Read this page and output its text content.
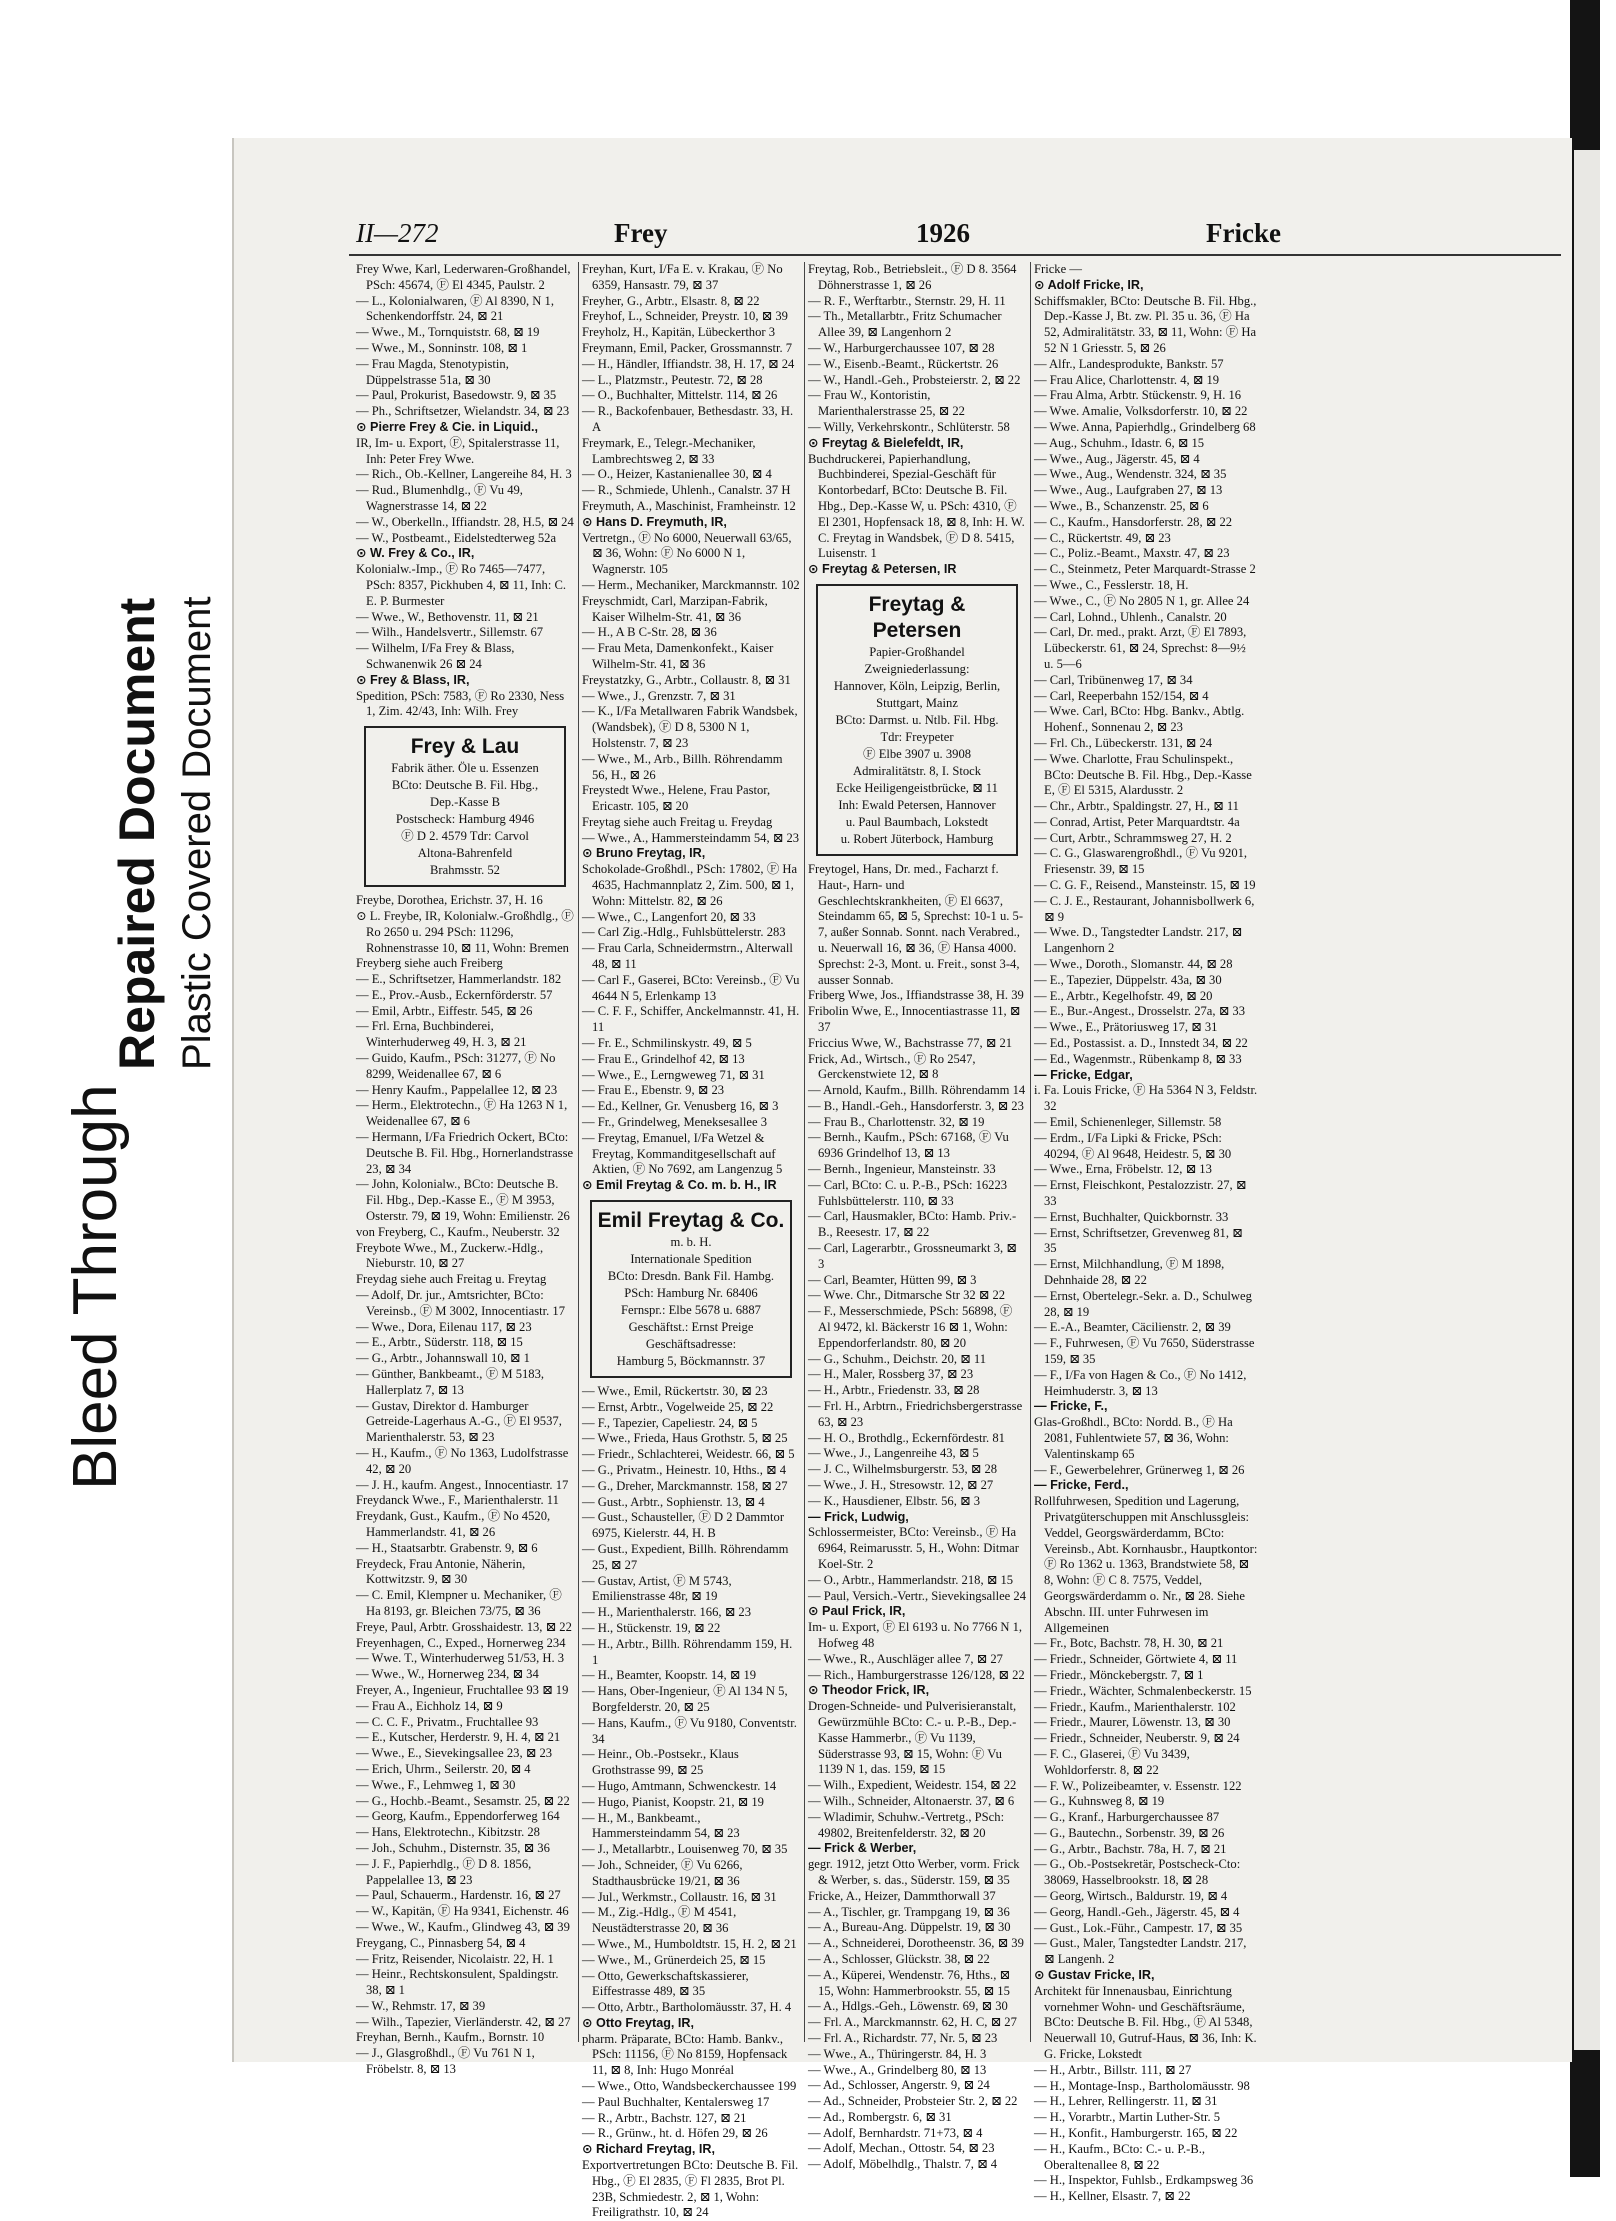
Bleed Through
Repaired Document Plastic Covered Document

II—272	Frey	1926	Fricke

Frey Wwe, Karl, Lederwaren-Großhandel, PSch: 45674, Ⓕ El 4345, Paulstr. 2

— L., Kolonialwaren, Ⓕ Al 8390, N 1, Schenkendorffstr. 24, ⊠ 21

— Wwe., M., Tornquiststr. 68, ⊠ 19

— Wwe., M., Sonninstr. 108, ⊠ 1

— Frau Magda, Stenotypistin, Düppelstrasse 51a, ⊠ 30

— Paul, Prokurist, Basedowstr. 9, ⊠ 35

— Ph., Schriftsetzer, Wielandstr. 34, ⊠ 23

⊙ Pierre Frey & Cie. in Liquid.,

IR, Im- u. Export, Ⓕ, Spitalerstrasse 11, Inh: Peter Frey Wwe.

— Rich., Ob.-Kellner, Langereihe 84, H. 3

— Rud., Blumenhdlg., Ⓕ Vu 49, Wagnerstrasse 14, ⊠ 22

— W., Oberkelln., Iffiandstr. 28, H.5, ⊠ 24

— W., Postbeamt., Eidelstedterweg 52a

⊙ W. Frey & Co., IR,

Kolonialw.-Imp., Ⓕ Ro 7465—7477, PSch: 8357, Pickhuben 4, ⊠ 11, Inh: C. E. P. Burmester

— Wwe., W., Bethovenstr. 11, ⊠ 21

— Wilh., Handelsvertr., Sillemstr. 67

— Wilhelm, I/Fa Frey & Blass, Schwanenwik 26 ⊠ 24

⊙ Frey & Blass, IR,

Spedition, PSch: 7583, Ⓕ Ro 2330, Ness 1, Zim. 42/43, Inh: Wilh. Frey

Frey & Lau
Fabrik äther. Öle u. Essenzen
BCto: Deutsche B. Fil. Hbg.,
Dep.-Kasse B
Postscheck: Hamburg 4946
Ⓕ D 2. 4579 Tdr: Carvol
Altona-Bahrenfeld
Brahmsstr. 52

Freybe, Dorothea, Erichstr. 37, H. 16

⊙ L. Freybe, IR, Kolonialw.-Großhdlg., Ⓕ Ro 2650 u. 294 PSch: 11296, Rohnenstrasse 10, ⊠ 11, Wohn: Bremen

Freyberg siehe auch Freiberg

— E., Schriftsetzer, Hammerlandstr. 182

— E., Prov.-Ausb., Eckernförderstr. 57

— Emil, Arbtr., Eiffestr. 545, ⊠ 26

— Frl. Erna, Buchbinderei, Winterhuderweg 49, H. 3, ⊠ 21

— Guido, Kaufm., PSch: 31277, Ⓕ No 8299, Weidenallee 67, ⊠ 6

— Henry Kaufm., Pappelallee 12, ⊠ 23

— Herm., Elektrotechn., Ⓕ Ha 1263 N 1, Weidenallee 67, ⊠ 6

— Hermann, I/Fa Friedrich Ockert, BCto: Deutsche B. Fil. Hbg., Hornerlandstrasse 23, ⊠ 34

— John, Kolonialw., BCto: Deutsche B. Fil. Hbg., Dep.-Kasse E., Ⓕ M 3953, Osterstr. 79, ⊠ 19, Wohn: Emilienstr. 26

von Freyberg, C., Kaufm., Neuberstr. 32

Freybote Wwe., M., Zuckerw.-Hdlg., Nieburstr. 10, ⊠ 27

Freydag siehe auch Freitag u. Freytag

— Adolf, Dr. jur., Amtsrichter, BCto: Vereinsb., Ⓕ M 3002, Innocentiastr. 17

— Wwe., Dora, Eilenau 117, ⊠ 23

— E., Arbtr., Süderstr. 118, ⊠ 15

— G., Arbtr., Johannswall 10, ⊠ 1

— Günther, Bankbeamt., Ⓕ M 5183, Hallerplatz 7, ⊠ 13

— Gustav, Direktor d. Hamburger Getreide-Lagerhaus A.-G., Ⓕ El 9537, Marienthalerstr. 53, ⊠ 23

— H., Kaufm., Ⓕ No 1363, Ludolfstrasse 42, ⊠ 20

— J. H., kaufm. Angest., Innocentiastr. 17

Freydanck Wwe., F., Marienthalerstr. 11

Freydank, Gust., Kaufm., Ⓕ No 4520, Hammerlandstr. 41, ⊠ 26

— H., Staatsarbtr. Grabenstr. 9, ⊠ 6

Freydeck, Frau Antonie, Näherin, Kottwitzstr. 9, ⊠ 30

— C. Emil, Klempner u. Mechaniker, Ⓕ Ha 8193, gr. Bleichen 73/75, ⊠ 36

Freye, Paul, Arbtr. Grosshaidestr. 13, ⊠ 22

Freyenhagen, C., Exped., Hornerweg 234

— Wwe. T., Winterhuderweg 51/53, H. 3

— Wwe., W., Hornerweg 234, ⊠ 34

Freyer, A., Ingenieur, Fruchtallee 93 ⊠ 19

— Frau A., Eichholz 14, ⊠ 9

— C. C. F., Privatm., Fruchtallee 93

— E., Kutscher, Herderstr. 9, H. 4, ⊠ 21

— Wwe., E., Sievekingsallee 23, ⊠ 23

— Erich, Uhrm., Seilerstr. 20, ⊠ 4

— Wwe., F., Lehmweg 1, ⊠ 30

— G., Hochb.-Beamt., Sesamstr. 25, ⊠ 22

— Georg, Kaufm., Eppendorferweg 164

— Hans, Elektrotechn., Kibitzstr. 28

— Joh., Schuhm., Disternstr. 35, ⊠ 36

— J. F., Papierhdlg., Ⓕ D 8. 1856, Pappelallee 13, ⊠ 23

— Paul, Schauerm., Hardenstr. 16, ⊠ 27

— W., Kapitän, Ⓕ Ha 9341, Eichenstr. 46

— Wwe., W., Kaufm., Glindweg 43, ⊠ 39

Freygang, C., Pinnasberg 54, ⊠ 4

— Fritz, Reisender, Nicolaistr. 22, H. 1

— Heinr., Rechtskonsulent, Spaldingstr. 38, ⊠ 1

— W., Rehmstr. 17, ⊠ 39

— Wilh., Tapezier, Vierländerstr. 42, ⊠ 27

Freyhan, Bernh., Kaufm., Bornstr. 10

— J., Glasgroßhdl., Ⓕ Vu 761 N 1, Fröbelstr. 8, ⊠ 13

Freyhan, Kurt, I/Fa E. v. Krakau, Ⓕ No 6359, Hansastr. 79, ⊠ 37

Freyher, G., Arbtr., Elsastr. 8, ⊠ 22

Freyhof, L., Schneider, Preystr. 10, ⊠ 39

Freyholz, H., Kapitän, Lübeckerthor 3

Freymann, Emil, Packer, Grossmannstr. 7

— H., Händler, Iffiandstr. 38, H. 17, ⊠ 24

— L., Platzmstr., Peutestr. 72, ⊠ 28

— O., Buchhalter, Mittelstr. 114, ⊠ 26

— R., Backofenbauer, Bethesdastr. 33, H. A

Freymark, E., Telegr.-Mechaniker, Lambrechtsweg 2, ⊠ 33

— O., Heizer, Kastanienallee 30, ⊠ 4

— R., Schmiede, Uhlenh., Canalstr. 37 H

Freymuth, A., Maschinist, Framheinstr. 12

⊙ Hans D. Freymuth, IR,

Vertretgn., Ⓕ No 6000, Neuerwall 63/65, ⊠ 36, Wohn: Ⓕ No 6000 N 1, Wagnerstr. 105

— Herm., Mechaniker, Marckmannstr. 102

Freyschmidt, Carl, Marzipan-Fabrik, Kaiser Wilhelm-Str. 41, ⊠ 36

— H., A B C-Str. 28, ⊠ 36

— Frau Meta, Damenkonfekt., Kaiser Wilhelm-Str. 41, ⊠ 36

Freystatzky, G., Arbtr., Collaustr. 8, ⊠ 31

— Wwe., J., Grenzstr. 7, ⊠ 31

— K., I/Fa Metallwaren Fabrik Wandsbek, (Wandsbek), Ⓕ D 8, 5300 N 1, Holstenstr. 7, ⊠ 23

— Wwe., M., Arb., Billh. Röhrendamm 56, H., ⊠ 26

Freystedt Wwe., Helene, Frau Pastor, Ericastr. 105, ⊠ 20

Freytag siehe auch Freitag u. Freydag

— Wwe., A., Hammersteindamm 54, ⊠ 23

⊙ Bruno Freytag, IR,

Schokolade-Großhdl., PSch: 17802, Ⓕ Ha 4635, Hachmannplatz 2, Zim. 500, ⊠ 1, Wohn: Mittelstr. 82, ⊠ 26

— Wwe., C., Langenfort 20, ⊠ 33

— Carl Zig.-Hdlg., Fuhlsbüttelerstr. 283

— Frau Carla, Schneidermstrn., Alterwall 48, ⊠ 11

— Carl F., Gaserei, BCto: Vereinsb., Ⓕ Vu 4644 N 5, Erlenkamp 13

— C. F. F., Schiffer, Anckelmannstr. 41, H. 11

— Fr. E., Schmilinskystr. 49, ⊠ 5

— Frau E., Grindelhof 42, ⊠ 13

— Wwe., E., Lerngweweg 71, ⊠ 31

— Frau E., Ebenstr. 9, ⊠ 23

— Ed., Kellner, Gr. Venusberg 16, ⊠ 3

— Fr., Grindelweg, Meneksesallee 3

— Freytag, Emanuel, I/Fa Wetzel & Freytag, Kommanditgesellschaft auf Aktien, Ⓕ No 7692, am Langenzug 5

⊙ Emil Freytag & Co. m. b. H., IR

Emil Freytag & Co.
m. b. H.
Internationale Spedition
BCto: Dresdn. Bank Fil. Hambg.
PSch: Hamburg Nr. 68406
Fernspr.: Elbe 5678 u. 6887
Geschäftst.: Ernst Preige
Geschäftsadresse:
Hamburg 5, Böckmannstr. 37

— Wwe., Emil, Rückertstr. 30, ⊠ 23

— Ernst, Arbtr., Vogelweide 25, ⊠ 22

— F., Tapezier, Capeliestr. 24, ⊠ 5

— Wwe., Frieda, Haus Grothstr. 5, ⊠ 25

— Friedr., Schlachterei, Weidestr. 66, ⊠ 5

— G., Privatm., Heinestr. 10, Hths., ⊠ 4

— G., Dreher, Marckmannstr. 158, ⊠ 27

— Gust., Arbtr., Sophienstr. 13, ⊠ 4

— Gust., Schausteller, Ⓕ D 2 Dammtor 6975, Kielerstr. 44, H. B

— Gust., Expedient, Billh. Röhrendamm 25, ⊠ 27

— Gustav, Artist, Ⓕ M 5743, Emilienstrasse 48r, ⊠ 19

— H., Marienthalerstr. 166, ⊠ 23

— H., Stückenstr. 19, ⊠ 22

— H., Arbtr., Billh. Röhrendamm 159, H. 1

— H., Beamter, Koopstr. 14, ⊠ 19

— Hans, Ober-Ingenieur, Ⓕ Al 134 N 5, Borgfelderstr. 20, ⊠ 25

— Hans, Kaufm., Ⓕ Vu 9180, Conventstr. 34

— Heinr., Ob.-Postsekr., Klaus Grothstrasse 99, ⊠ 25

— Hugo, Amtmann, Schwenckestr. 14

— Hugo, Pianist, Koopstr. 21, ⊠ 19

— H., M., Bankbeamt., Hammersteindamm 54, ⊠ 23

— J., Metallarbtr., Louisenweg 70, ⊠ 35

— Joh., Schneider, Ⓕ Vu 6266, Stadthausbrücke 19/21, ⊠ 36

— Jul., Werkmstr., Collaustr. 16, ⊠ 31

— M., Zig.-Hdlg., Ⓕ M 4541, Neustädterstrasse 20, ⊠ 36

— Wwe., M., Humboldtstr. 15, H. 2, ⊠ 21

— Wwe., M., Grünerdeich 25, ⊠ 15

— Otto, Gewerkschaftskassierer, Eiffestrasse 489, ⊠ 35

— Otto, Arbtr., Bartholomäusstr. 37, H. 4

⊙ Otto Freytag, IR,

pharm. Präparate, BCto: Hamb. Bankv., PSch: 11156, Ⓕ No 8159, Hopfensack 11, ⊠ 8, Inh: Hugo Monréal

— Wwe., Otto, Wandsbeckerchaussee 199

— Paul Buchhalter, Kentalersweg 17

— R., Arbtr., Bachstr. 127, ⊠ 21

— R., Grünw., ht. d. Höfen 29, ⊠ 26

⊙ Richard Freytag, IR,

Exportvertretungen BCto: Deutsche B. Fil. Hbg., Ⓕ El 2835, Ⓕ Fl 2835, Brot Pl. 23B, Schmiedestr. 2, ⊠ 1, Wohn: Freiligrathstr. 10, ⊠ 24

Freytag, Rob., Betriebsleit., Ⓕ D 8. 3564 Döhnerstrasse 1, ⊠ 26

— R. F., Werftarbtr., Sternstr. 29, H. 11

— Th., Metallarbtr., Fritz Schumacher Allee 39, ⊠ Langenhorn 2

— W., Harburgerchaussee 107, ⊠ 28

— W., Eisenb.-Beamt., Rückertstr. 26

— W., Handl.-Geh., Probsteierstr. 2, ⊠ 22

— Frau W., Kontoristin, Marienthalerstrasse 25, ⊠ 22

— Willy, Verkehrskontr., Schlüterstr. 58

⊙ Freytag & Bielefeldt, IR,

Buchdruckerei, Papierhandlung, Buchbinderei, Spezial-Geschäft für Kontorbedarf, BCto: Deutsche B. Fil. Hbg., Dep.-Kasse W, u. PSch: 4310, Ⓕ El 2301, Hopfensack 18, ⊠ 8, Inh: H. W. C. Freytag in Wandsbek, Ⓕ D 8. 5415, Luisenstr. 1

⊙ Freytag & Petersen, IR

Freytag & Petersen
Papier-Großhandel
Zweigniederlassung:
Hannover, Köln, Leipzig, Berlin,
Stuttgart, Mainz
BCto: Darmst. u. Ntlb. Fil. Hbg.
Tdr: Freypeter
Ⓕ Elbe 3907 u. 3908
Admiralitätstr. 8, I. Stock
Ecke Heiligengeistbrücke, ⊠ 11
Inh: Ewald Petersen, Hannover
u. Paul Baumbach, Lokstedt
u. Robert Jüterbock, Hamburg

Freytogel, Hans, Dr. med., Facharzt f. Haut-, Harn- und Geschlechtskrankheiten, Ⓕ El 6637, Steindamm 65, ⊠ 5, Sprechst: 10-1 u. 5-7, außer Sonnab. Sonnt. nach Verabred., u. Neuerwall 16, ⊠ 36, Ⓕ Hansa 4000. Sprechst: 2-3, Mont. u. Freit., sonst 3-4, ausser Sonnab.

Friberg Wwe, Jos., Iffiandstrasse 38, H. 39

Fribolin Wwe, E., Innocentiastrasse 11, ⊠ 37

Friccius Wwe, W., Bachstrasse 77, ⊠ 21

Frick, Ad., Wirtsch., Ⓕ Ro 2547, Gerckenstwiete 12, ⊠ 8

— Arnold, Kaufm., Billh. Röhrendamm 14

— B., Handl.-Geh., Hansdorferstr. 3, ⊠ 23

— Frau B., Charlottenstr. 32, ⊠ 19

— Bernh., Kaufm., PSch: 67168, Ⓕ Vu 6936 Grindelhof 13, ⊠ 13

— Bernh., Ingenieur, Mansteinstr. 33

— Carl, BCto: C. u. P.-B., PSch: 16223 Fuhlsbüttelerstr. 110, ⊠ 33

— Carl, Hausmakler, BCto: Hamb. Priv.-B., Reesestr. 17, ⊠ 22

— Carl, Lagerarbtr., Grossneumarkt 3, ⊠ 3

— Carl, Beamter, Hütten 99, ⊠ 3

— Wwe. Chr., Ditmarsche Str 32 ⊠ 22

— F., Messerschmiede, PSch: 56898, Ⓕ Al 9472, kl. Bäckerstr 16 ⊠ 1, Wohn: Eppendorferlandstr. 80, ⊠ 20

— G., Schuhm., Deichstr. 20, ⊠ 11

— H., Maler, Rossberg 37, ⊠ 23

— H., Arbtr., Friedenstr. 33, ⊠ 28

— Frl. H., Arbtrn., Friedrichsbergerstrasse 63, ⊠ 23

— H. O., Brothdlg., Eckernfördestr. 81

— Wwe., J., Langenreihe 43, ⊠ 5

— J. C., Wilhelmsburgerstr. 53, ⊠ 28

— Wwe., J. H., Stresowstr. 12, ⊠ 27

— K., Hausdiener, Elbstr. 56, ⊠ 3

— Frick, Ludwig,

Schlossermeister, BCto: Vereinsb., Ⓕ Ha 6964, Reimarusstr. 5, H., Wohn: Ditmar Koel-Str. 2

— O., Arbtr., Hammerlandstr. 218, ⊠ 15

— Paul, Versich.-Vertr., Sievekingsallee 24

⊙ Paul Frick, IR,

Im- u. Export, Ⓕ El 6193 u. No 7766 N 1, Hofweg 48

— Wwe., R., Auschläger allee 7, ⊠ 27

— Rich., Hamburgerstrasse 126/128, ⊠ 22

⊙ Theodor Frick, IR,

Drogen-Schneide- und Pulverisieranstalt, Gewürzmühle BCto: C.- u. P.-B., Dep.-Kasse Hammerbr., Ⓕ Vu 1139, Süderstrasse 93, ⊠ 15, Wohn: Ⓕ Vu 1139 N 1, das. 159, ⊠ 15

— Wilh., Expedient, Weidestr. 154, ⊠ 22

— Wilh., Schneider, Altonaerstr. 37, ⊠ 6

— Wladimir, Schuhw.-Vertretg., PSch: 49802, Breitenfelderstr. 32, ⊠ 20

— Frick & Werber,

gegr. 1912, jetzt Otto Werber, vorm. Frick & Werber, s. das., Süderstr. 159, ⊠ 35

Fricke, A., Heizer, Dammthorwall 37

— A., Tischler, gr. Trampgang 19, ⊠ 36

— A., Bureau-Ang. Düppelstr. 19, ⊠ 30

— A., Schneiderei, Dorotheenstr. 36, ⊠ 39

— A., Schlosser, Glückstr. 38, ⊠ 22

— A., Küperei, Wendenstr. 76, Hths., ⊠ 15, Wohn: Hammerbrookstr. 55, ⊠ 15

— A., Hdlgs.-Geh., Löwenstr. 69, ⊠ 30

— Frl. A., Marckmannstr. 62, H. C, ⊠ 27

— Frl. A., Richardstr. 77, Nr. 5, ⊠ 23

— Wwe., A., Thüringerstr. 84, H. 3

— Wwe., A., Grindelberg 80, ⊠ 13

— Ad., Schlosser, Angerstr. 9, ⊠ 24

— Ad., Schneider, Probsteier Str. 2, ⊠ 22

— Ad., Rombergstr. 6, ⊠ 31

— Adolf, Bernhardstr. 71+73, ⊠ 4

— Adolf, Mechan., Ottostr. 54, ⊠ 23

— Adolf, Möbelhdlg., Thalstr. 7, ⊠ 4

Fricke —

⊙ Adolf Fricke, IR,

Schiffsmakler, BCto: Deutsche B. Fil. Hbg., Dep.-Kasse J, Bt. zw. Pl. 35 u. 36, Ⓕ Ha 52, Admiralitätstr. 33, ⊠ 11, Wohn: Ⓕ Ha 52 N 1 Griesstr. 5, ⊠ 26

— Alfr., Landesprodukte, Bankstr. 57

— Frau Alice, Charlottenstr. 4, ⊠ 19

— Frau Alma, Arbtr. Stückenstr. 9, H. 16

— Wwe. Amalie, Volksdorferstr. 10, ⊠ 22

— Wwe. Anna, Papierhdlg., Grindelberg 68

— Aug., Schuhm., Idastr. 6, ⊠ 15

— Wwe., Aug., Jägerstr. 45, ⊠ 4

— Wwe., Aug., Wendenstr. 324, ⊠ 35

— Wwe., Aug., Laufgraben 27, ⊠ 13

— Wwe., B., Schanzenstr. 25, ⊠ 6

— C., Kaufm., Hansdorferstr. 28, ⊠ 22

— C., Rückertstr. 49, ⊠ 23

— C., Poliz.-Beamt., Maxstr. 47, ⊠ 23

— C., Steinmetz, Peter Marquardt-Strasse 2

— Wwe., C., Fesslerstr. 18, H.

— Wwe., C., Ⓕ No 2805 N 1, gr. Allee 24

— Carl, Lohnd., Uhlenh., Canalstr. 20

— Carl, Dr. med., prakt. Arzt, Ⓕ El 7893, Lübeckerstr. 61, ⊠ 24, Sprechst: 8—9½ u. 5—6

— Carl, Tribünenweg 17, ⊠ 34

— Carl, Reeperbahn 152/154, ⊠ 4

— Wwe. Carl, BCto: Hbg. Bankv., Abtlg. Hohenf., Sonnenau 2, ⊠ 23

— Frl. Ch., Lübeckerstr. 131, ⊠ 24

— Wwe. Charlotte, Frau Schulinspekt., BCto: Deutsche B. Fil. Hbg., Dep.-Kasse E, Ⓕ El 5315, Alardusstr. 2

— Chr., Arbtr., Spaldingstr. 27, H., ⊠ 11

— Conrad, Artist, Peter Marquardtstr. 4a

— Curt, Arbtr., Schrammsweg 27, H. 2

— C. G., Glaswarengroßhdl., Ⓕ Vu 9201, Friesenstr. 39, ⊠ 15

— C. G. F., Reisend., Mansteinstr. 15, ⊠ 19

— C. J. E., Restaurant, Johannisbollwerk 6, ⊠ 9

— Wwe. D., Tangstedter Landstr. 217, ⊠ Langenhorn 2

— Wwe., Doroth., Slomanstr. 44, ⊠ 28

— E., Tapezier, Düppelstr. 43a, ⊠ 30

— E., Arbtr., Kegelhofstr. 49, ⊠ 20

— E., Bur.-Angest., Drosselstr. 27a, ⊠ 33

— Wwe., E., Prätoriusweg 17, ⊠ 31

— Ed., Postassist. a. D., Innstedt 34, ⊠ 22

— Ed., Wagenmstr., Rübenkamp 8, ⊠ 33

— Fricke, Edgar,

i. Fa. Louis Fricke, Ⓕ Ha 5364 N 3, Feldstr. 32

— Emil, Schienenleger, Sillemstr. 58

— Erdm., I/Fa Lipki & Fricke, PSch: 40294, Ⓕ Al 9648, Heidestr. 5, ⊠ 30

— Wwe., Erna, Fröbelstr. 12, ⊠ 13

— Ernst, Fleischkont, Pestalozzistr. 27, ⊠ 33

— Ernst, Buchhalter, Quickbornstr. 33

— Ernst, Schriftsetzer, Grevenweg 81, ⊠ 35

— Ernst, Milchhandlung, Ⓕ M 1898, Dehnhaide 28, ⊠ 22

— Ernst, Obertelegr.-Sekr. a. D., Schulweg 28, ⊠ 19

— E.-A., Beamter, Cäcilienstr. 2, ⊠ 39

— F., Fuhrwesen, Ⓕ Vu 7650, Süderstrasse 159, ⊠ 35

— F., I/Fa von Hagen & Co., Ⓕ No 1412, Heimhuderstr. 3, ⊠ 13

— Fricke, F.,

Glas-Großhdl., BCto: Nordd. B., Ⓕ Ha 2081, Fuhlentwiete 57, ⊠ 36, Wohn: Valentinskamp 65

— F., Gewerbelehrer, Grünerweg 1, ⊠ 26

— Fricke, Ferd.,

Rollfuhrwesen, Spedition und Lagerung, Privatgüterschuppen mit Anschlussgleis: Veddel, Georgswärderdamm, BCto: Vereinsb., Abt. Kornhausbr., Hauptkontor: Ⓕ Ro 1362 u. 1363, Brandstwiete 58, ⊠ 8, Wohn: Ⓕ C 8. 7575, Veddel, Georgswärderdamm o. Nr., ⊠ 28. Siehe Abschn. III. unter Fuhrwesen im Allgemeinen

— Fr., Botc, Bachstr. 78, H. 30, ⊠ 21

— Friedr., Schneider, Görtwiete 4, ⊠ 11

— Friedr., Mönckebergstr. 7, ⊠ 1

— Friedr., Wächter, Schmalenbeckerstr. 15

— Friedr., Kaufm., Marienthalerstr. 102

— Friedr., Maurer, Löwenstr. 13, ⊠ 30

— Friedr., Schneider, Neuberstr. 9, ⊠ 24

— F. C., Glaserei, Ⓕ Vu 3439, Wohldorferstr. 8, ⊠ 22

— F. W., Polizeibeamter, v. Essenstr. 122

— G., Kuhnsweg 8, ⊠ 19

— G., Kranf., Harburgerchaussee 87

— G., Bautechn., Sorbenstr. 39, ⊠ 26

— G., Arbtr., Bachstr. 78a, H. 7, ⊠ 21

— G., Ob.-Postsekretär, Postscheck-Cto: 38069, Hasselbrookstr. 18, ⊠ 28

— Georg, Wirtsch., Baldurstr. 19, ⊠ 4

— Georg, Handl.-Geh., Jägerstr. 45, ⊠ 4

— Gust., Lok.-Führ., Campestr. 17, ⊠ 35

— Gust., Maler, Tangstedter Landstr. 217, ⊠ Langenh. 2

⊙ Gustav Fricke, IR,

Architekt für Innenausbau, Einrichtung vornehmer Wohn- und Geschäftsräume, BCto: Deutsche B. Fil. Hbg., Ⓕ Al 5348, Neuerwall 10, Gutruf-Haus, ⊠ 36, Inh: K. G. Fricke, Lokstedt

— H., Arbtr., Billstr. 111, ⊠ 27

— H., Montage-Insp., Bartholomäusstr. 98

— H., Lehrer, Rellingerstr. 11, ⊠ 31

— H., Vorarbtr., Martin Luther-Str. 5

— H., Konfit., Hamburgerstr. 165, ⊠ 22

— H., Kaufm., BCto: C.- u. P.-B., Oberaltenallee 8, ⊠ 22

— H., Inspektor, Fuhlsb., Erdkampsweg 36

— H., Kellner, Elsastr. 7, ⊠ 22
